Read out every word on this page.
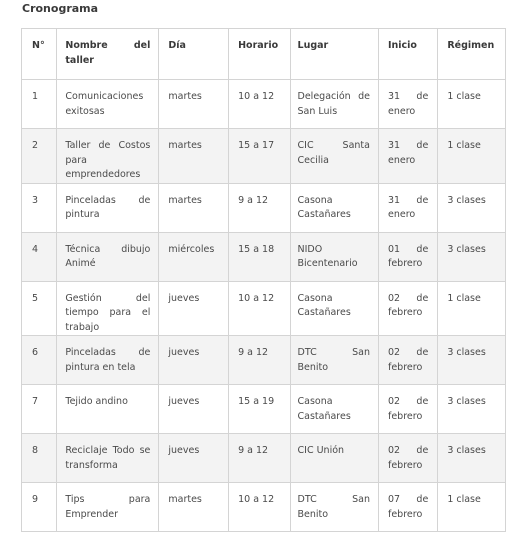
Cronograma
N°	Nombre del taller	Día	Horario	Lugar	Inicio	Régimen
1	Comunicaciones exitosas	martes	10 a 12	Delegación de San Luis	31 de enero	1 clase
2	Taller de Costos para emprendedores	martes	15 a 17	CIC Santa Cecilia	31 de enero	1 clase
3	Pinceladas de pintura	martes	9 a 12	Casona Castañares	31 de enero	3 clases
4	Técnica dibujo Animé	miércoles	15 a 18	NIDO Bicentenario	01 de febrero	3 clases
5	Gestión del tiempo para el trabajo	jueves	10 a 12	Casona Castañares	02 de febrero	1 clase
6	Pinceladas de pintura en tela	jueves	9 a 12	DTC San Benito	02 de febrero	3 clases
7	Tejido andino	jueves	15 a 19	Casona Castañares	02 de febrero	3 clases
8	Reciclaje Todo se transforma	jueves	9 a 12	CIC Unión	02 de febrero	3 clases
9	Tips para Emprender	martes	10 a 12	DTC San Benito	07 de febrero	1 clase
